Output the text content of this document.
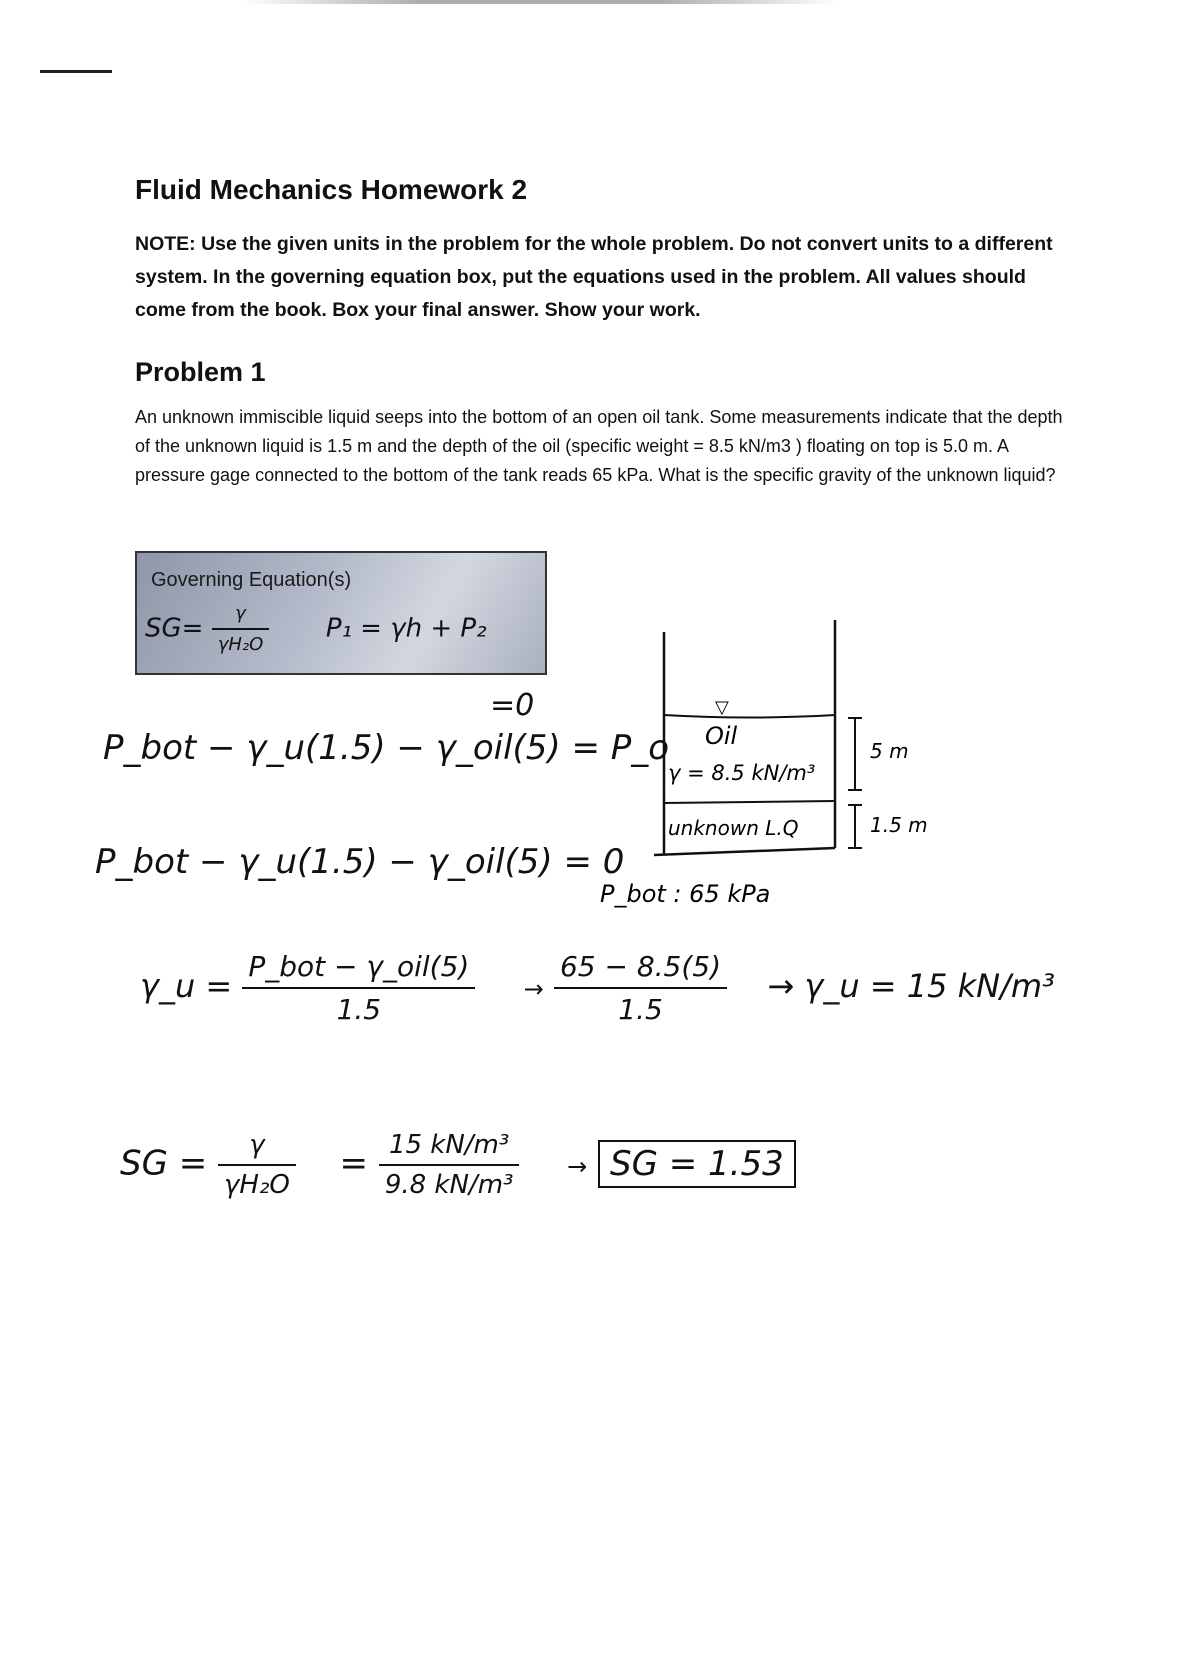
Fluid Mechanics Homework 2

NOTE: Use the given units in the problem for the whole problem. Do not convert units to a different system. In the governing equation box, put the equations used in the problem. All values should come from the book. Box your final answer. Show your work.

Problem 1

An unknown immiscible liquid seeps into the bottom of an open oil tank. Some measurements indicate that the depth of the unknown liquid is 1.5 m and the depth of the oil (specific weight = 8.5 kN/m3 ) floating on top is 5.0 m. A pressure gage connected to the bottom of the tank reads 65 kPa. What is the specific gravity of the unknown liquid?

Governing Equation(s)
$SG= \frac{\gamma}{\text{γH₂O}} P_1 = \gamma h + P_2$
=0
P_bot − γ_u(1.5) − γ_oil(5) = P_o
P_bot − γ_u(1.5) − γ_oil(5) = 0
γ_u = $\frac{\text{P\_bot − γ\_oil(5)}}{1.5} \to \frac{65 - 8.5(5)}{1.5}$ → γ_u = 15 kN/m³
SG = $\frac{\gamma}{\text{γH₂O}} = \frac{\text{15 kN/m³}}{\text{9.8 kN/m³}}$ → SG = 1.53
▽
Oil
γ = 8.5 kN/m³
unknown L.Q
5 m
1.5 m
P_bot : 65 kPa
